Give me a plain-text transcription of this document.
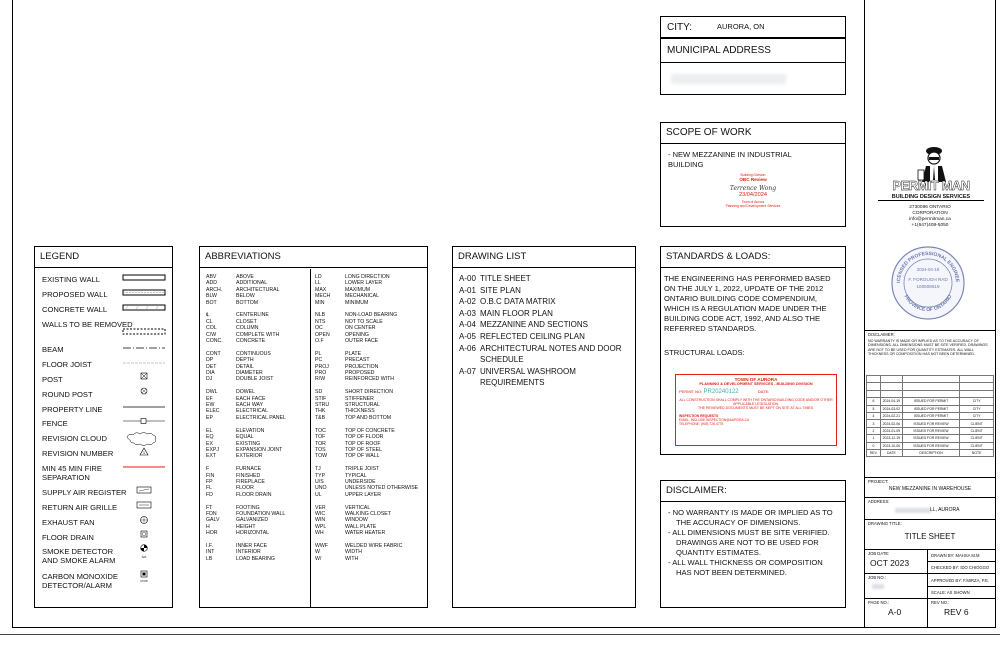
CITY:	AURORA, ON
MUNICIPAL ADDRESS
SCOPE OF WORK
- NEW MEZZANINE IN INDUSTRIAL BUILDING
Building Division
OBC Review
Terrence Wong
23/04/2024
Town of Aurora
Planning and Development Services
LEGEND
EXISTING WALL
PROPOSED WALL
CONCRETE WALL
WALLS TO BE REMOVED
BEAM
FLOOR JOIST
POST
ROUND POST
PROPERTY LINE
FENCE
REVISION CLOUD
REVISION NUMBER
MIN 45 MIN FIRE SEPARATION
SUPPLY AIR REGISTER
RETURN AIR GRILLE
EXHAUST FAN
FLOOR DRAIN
SMOKE DETECTOR AND SMOKE ALARM
CARBON MONOXIDE DETECTOR/ALARM
1
S/A
CO/D
ABBREVIATIONS
ABV	ABOVE
ADD	ADDITIONAL
ARCH.	ARCHITECTURAL
BLW	BELOW
BOT	BOTTOM
℄	CENTERLINE
CL	CLOSET
COL	COLUMN
C/W	COMPLETE WITH
CONC.	CONCRETE
CONT	CONTINUOUS
DP	DEPTH
DET	DETAIL
DIA	DIAMETER
DJ	DOUBLE JOIST
DWL	DOWEL
EF	EACH FACE
EW	EACH WAY
ELEC	ELECTRICAL
EP	ELECTRICAL PANEL
EL	ELEVATION
EQ	EQUAL
EX	EXISTING
EXPJ	EXPANSION JOINT
EXT	EXTERIOR
F	FURNACE
FIN	FINISHED
FP	FIREPLACE
FL	FLOOR
FD	FLOOR DRAIN
FT	FOOTING
FDN	FOUNDATION WALL
GALV	GALVANIZED
H	HEIGHT
HOR	HORIZONTAL
I.F.	INNER FACE
INT	INTERIOR
LB	LOAD BEARING
LD	LONG DIRECTION
LL	LOWER LAYER
MAX	MAXIMUM
MECH	MECHANICAL
MIN	MINIMUM
NLB	NON-LOAD BEARING
NTS	NOT TO SCALE
OC	ON CENTER
OPEN	OPENING
O.F	OUTER FACE
PL	PLATE
PC	PRECAST
PROJ	PROJECTION
PRO	PROPOSED
R/W	REINFORCED WITH
SD	SHORT DIRECTION
STIF	STIFFENER
STRU	STRUCTURAL
THK	THICKNESS
T&B	TOP AND BOTTOM
TOC	TOP OF CONCRETE
TOF	TOP OF FLOOR
TOR	TOP OF ROOF
TOS	TOP OF STEEL
TOW	TOP OF WALL
TJ	TRIPLE JOIST
TYP	TYPICAL
U/S	UNDERSIDE
UNO	UNLESS NOTED OTHERWISE
UL	UPPER LAYER
VER	VERTICAL
WIC	WALKING CLOSET
WIN	WINDOW
WPL	WALL PLATE
WH	WATER HEATER
WWF	WELDED WIRE FABRIC
W	WIDTH
W/	WITH
DRAWING LIST
A-00 TITLE SHEET
A-01 SITE PLAN
A-02 O.B.C DATA MATRIX
A-03 MAIN FLOOR PLAN
A-04 MEZZANINE AND SECTIONS
A-05 REFLECTED CEILING PLAN
A-06 ARCHITECTURAL NOTES AND DOOR SCHEDULE
A-07 UNIVERSAL WASHROOM REQUIREMENTS
STANDARDS & LOADS:
THE ENGINEERING HAS PERFORMED BASED ON THE JULY 1, 2022, UPDATE OF THE 2012 ONTARIO BUILDING CODE COMPENDIUM, WHICH IS A REGULATION MADE UNDER THE BUILDING CODE ACT, 1992, AND ALSO THE REFERRED STANDARDS.
STRUCTURAL LOADS:
TOWN OF AURORA
PLANNING & DEVELOPMENT SERVICES - BUILDING DIVISION
PERMIT NO: PR20240122	DATE:
ALL CONSTRUCTION SHALL COMPLY WITH THE ONTARIO BUILDING CODE AND/OR OTHER APPLICABLE LEGISLATION.
THE REVIEWED DOCUMENTS MUST BE KEPT ON SITE AT ALL TIMES.
INSPECTION REQUESTS
EMAIL: INCLUDE INSPECTION@AURORA.CA
TELEPHONE: (905) 726-4775
DISCLAIMER:
- NO WARRANTY IS MADE OR IMPLIED AS TO THE ACCURACY OF DIMENSIONS.
- ALL DIMENSIONS MUST BE SITE VERIFIED. DRAWINGS ARE NOT TO BE USED FOR QUANTITY ESTIMATES.
- ALL WALL THICKNESS OR COMPOSITION HAS NOT BEEN DETERMINED.
PERMIT MAN
BUILDING DESIGN SERVICES
2730096 ONTARIO
CORPORATION
info@permitman.ca
+1(647)408-5050
ICENSED PROFESSIONAL ENGINEE
PROVINCE OF ONTARIO
2024-04-19
F. FOROUGH RAD
100508619
DISCLAIMER:
NO WARRANTY IS MADE OR IMPLIED AS TO THE ACCURACY OF DIMENSIONS. ALL DIMENSIONS MUST BE SITE VERIFIED. DRAWINGS ARE NOT TO BE USED FOR QUANTITY ESTIMATES. ALL WALL THICKNESS OR COMPOSITION HAS NOT BEEN DETERMINED.

6	2024-04-19	ISSUED FOR PERMIT	CITY
5	2024-03-02	ISSUED FOR PERMIT	CITY
4	2024-02-21	ISSUED FOR PERMIT	CITY
3	2024-02-06	ISSUED FOR REVIEW	CLIENT
2	2024-01-09	ISSUED FOR REVIEW	CLIENT
1	2023-12-19	ISSUED FOR REVIEW	CLIENT
0	2023-10-06	ISSUED FOR REVIEW	CLIENT
REV	DATE	DESCRIPTION	NOTE
PROJECT:
NEW MEZZANINE IN WAREHOUSE
ADDRESS:
LL, AURORA
DRAWING TITLE:
TITLE SHEET
JOB DATE:
OCT 2023
DRAWN BY: MAHSA M.M
CHECKED BY: IDO CHIOGGO
JOB NO.:
APPROVED BY: F.MIRZA, P.E.
SCALE: AS SHOWN
PAGE NO.:
A-0
REV NO.:
REV 6
